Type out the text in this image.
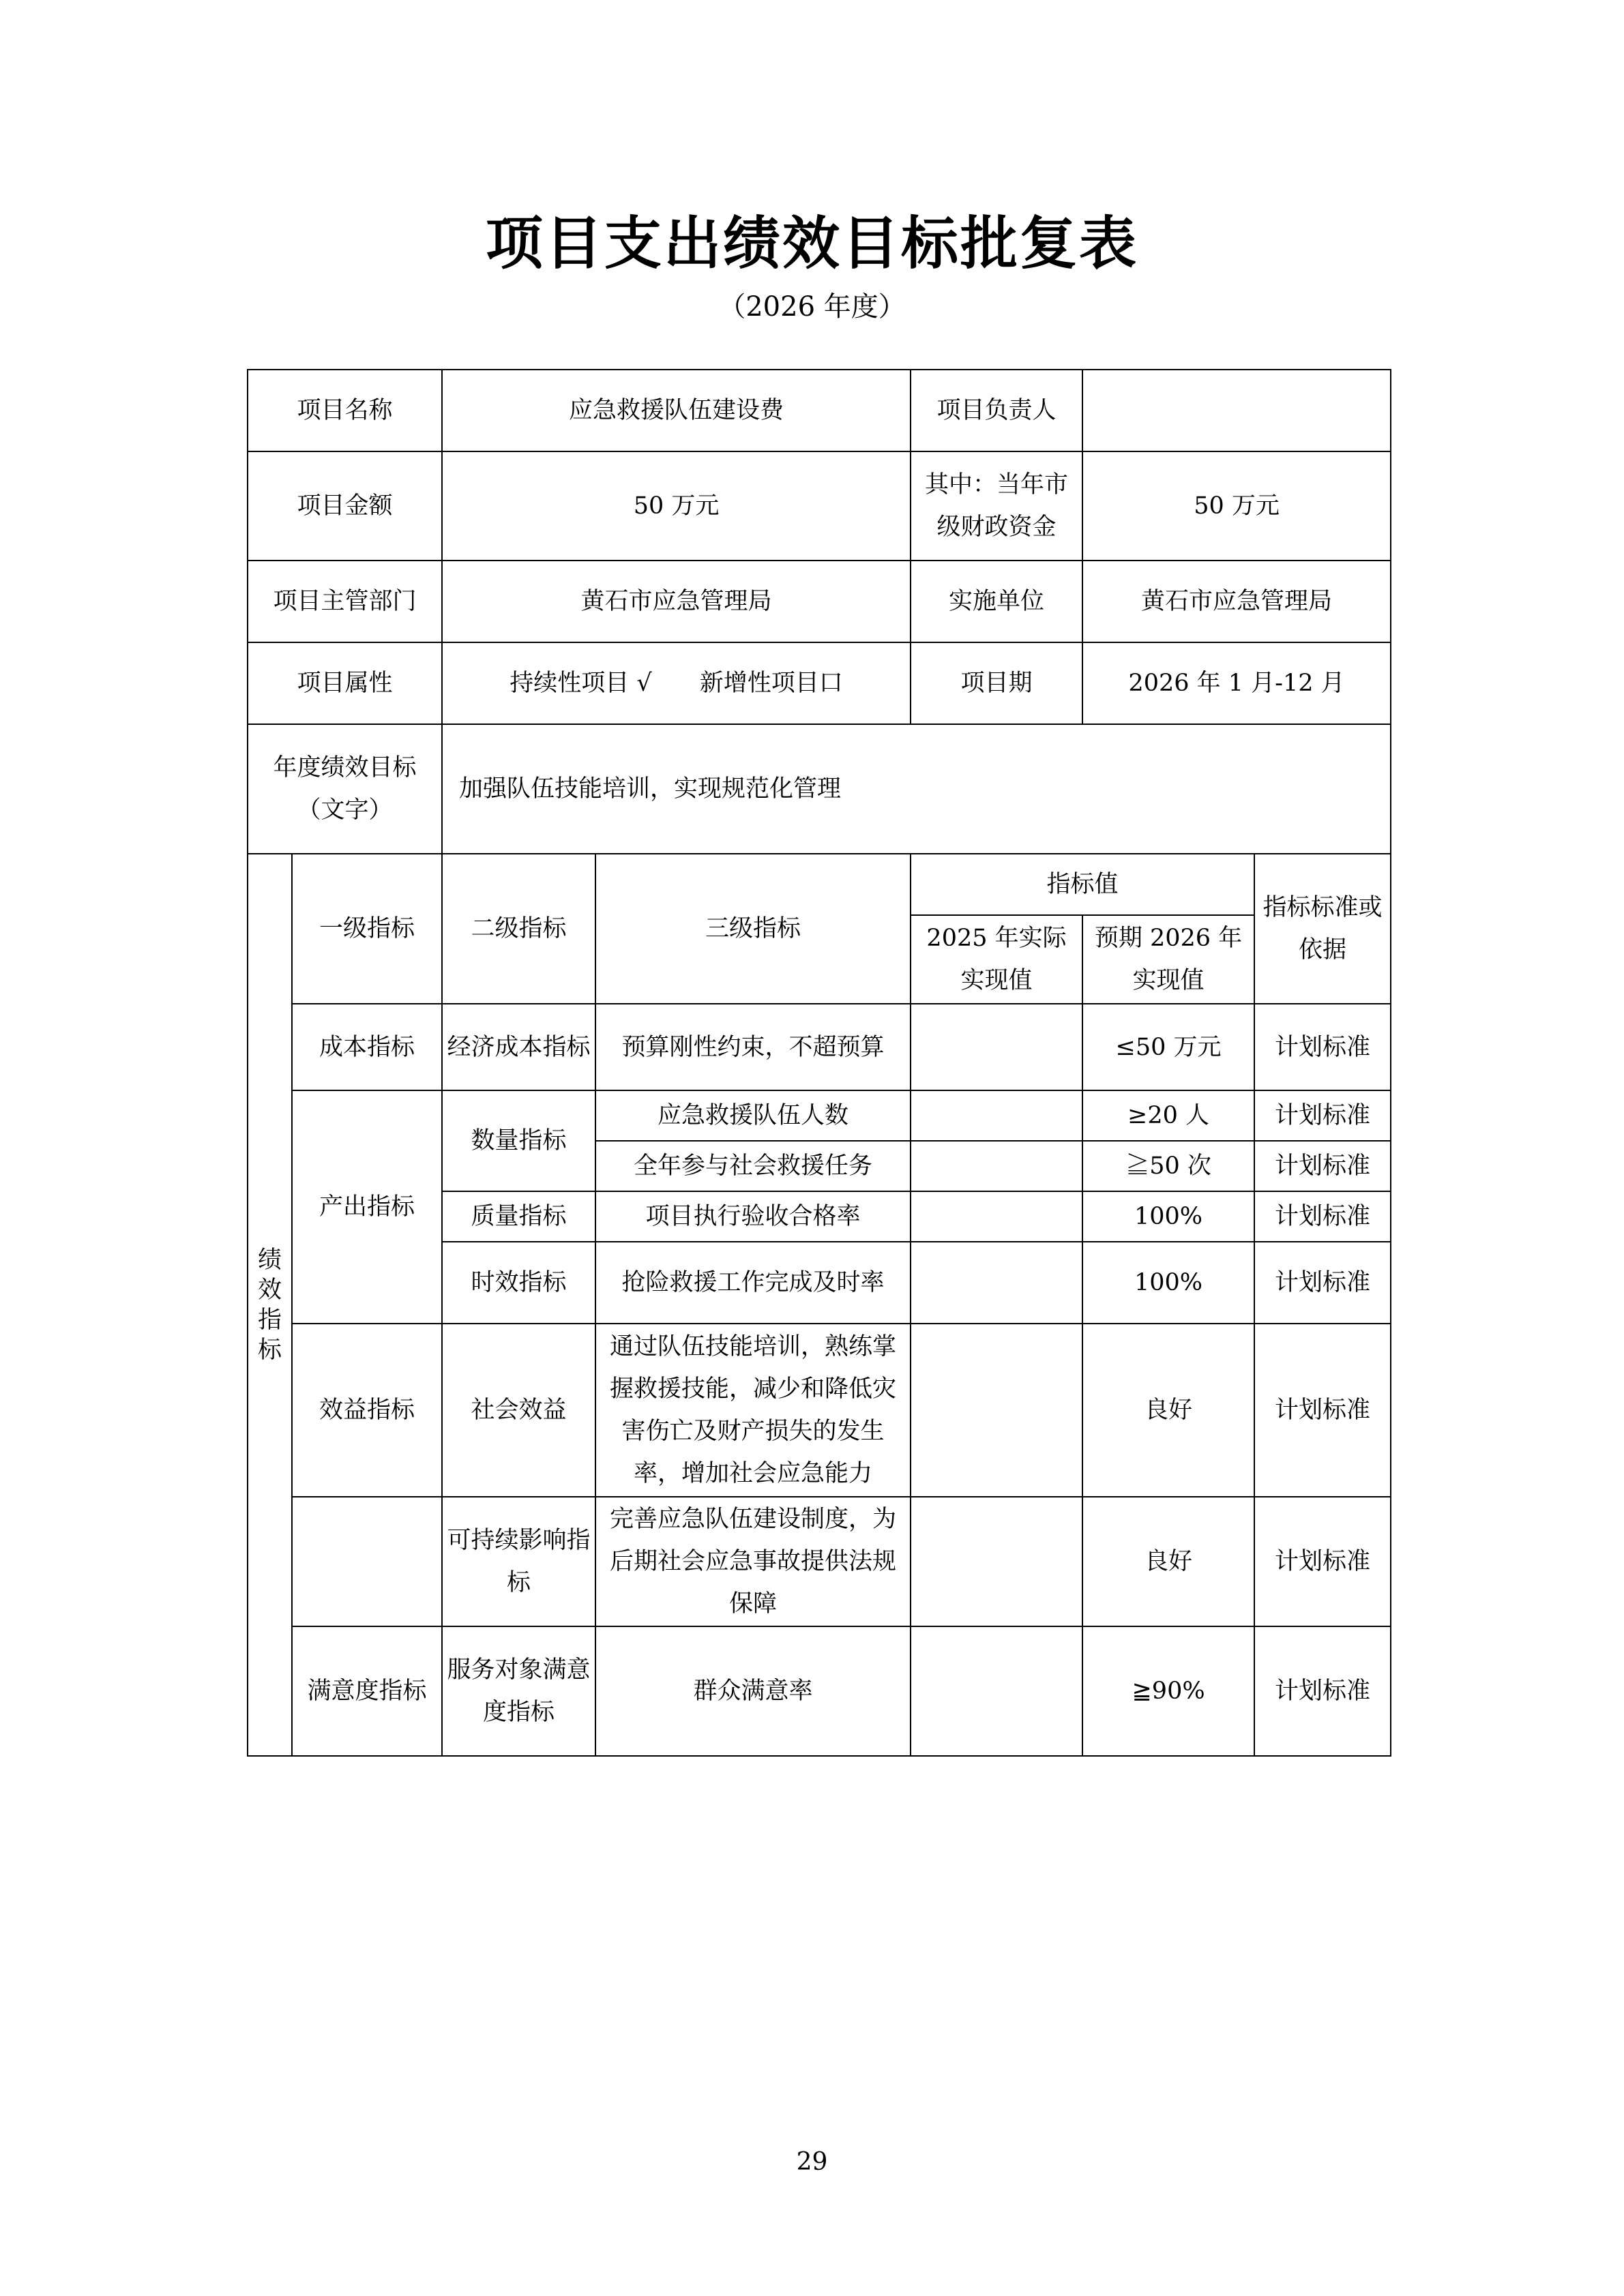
项目支出绩效目标批复表
（2026 年度）
项目名称		应急救援队伍建设费		项目负责人		
项目金额		50 万元		其中：当年市级财政资金	50 万元	
项目主管部门		黄石市应急管理局		实施单位	黄石市应急管理局	
项目属性		持续性项目 √　　新增性项目口		项目期	2026 年 1 月-12 月	
年度绩效目标（文字）		加强队伍技能培训，实现规范化管理				
绩效指标	一级指标	二级指标	三级指标	指标值		指标标准或依据
				2025 年实际实现值	预期 2026 年实现值	
	成本指标	经济成本指标	预算刚性约束，不超预算		≤50 万元	计划标准
	产出指标	数量指标	应急救援队伍人数		≥20 人	计划标准
			全年参与社会救援任务		≧50 次	计划标准
		质量指标	项目执行验收合格率		100%	计划标准
		时效指标	抢险救援工作完成及时率		100%	计划标准
	效益指标	社会效益	通过队伍技能培训，熟练掌握救援技能，减少和降低灾害伤亡及财产损失的发生率，增加社会应急能力		良好	计划标准
		可持续影响指标	完善应急队伍建设制度，为后期社会应急事故提供法规保障		良好	计划标准
	满意度指标	服务对象满意度指标	群众满意率		≧90%	计划标准
29
